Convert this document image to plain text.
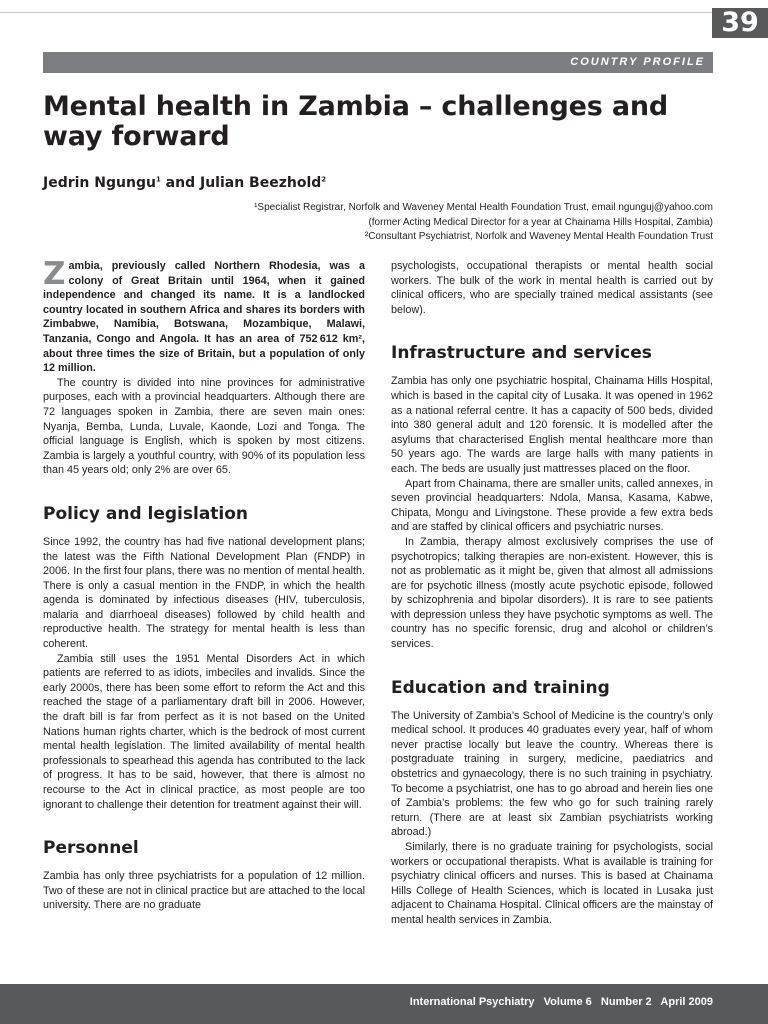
39
COUNTRY PROFILE
Mental health in Zambia – challenges and way forward
Jedrin Ngungu$^1$ and Julian Beezhold$^2$
¹Specialist Registrar, Norfolk and Waveney Mental Health Foundation Trust, email ngunguj@yahoo.com
(former Acting Medical Director for a year at Chainama Hills Hospital, Zambia)
²Consultant Psychiatrist, Norfolk and Waveney Mental Health Foundation Trust

Zambia, previously called Northern Rhodesia, was a colony of Great Britain until 1964, when it gained independence and changed its name. It is a landlocked country located in southern Africa and shares its borders with Zimbabwe, Namibia, Botswana, Mozambique, Malawi, Tanzania, Congo and Angola. It has an area of 752 612 km², about three times the size of Britain, but a population of only 12 million.

The country is divided into nine provinces for administrative purposes, each with a provincial headquarters. Although there are 72 languages spoken in Zambia, there are seven main ones: Nyanja, Bemba, Lunda, Luvale, Kaonde, Lozi and Tonga. The official language is English, which is spoken by most citizens. Zambia is largely a youthful country, with 90% of its population less than 45 years old; only 2% are over 65.

Policy and legislation

Since 1992, the country has had five national development plans; the latest was the Fifth National Development Plan (FNDP) in 2006. In the first four plans, there was no mention of mental health. There is only a casual mention in the FNDP, in which the health agenda is dominated by infectious diseases (HIV, tuberculosis, malaria and diarrhoeal diseases) followed by child health and reproductive health. The strategy for mental health is less than coherent.

Zambia still uses the 1951 Mental Disorders Act in which patients are referred to as idiots, imbeciles and invalids. Since the early 2000s, there has been some effort to reform the Act and this reached the stage of a parliamentary draft bill in 2006. However, the draft bill is far from perfect as it is not based on the United Nations human rights charter, which is the bedrock of most current mental health legislation. The limited availability of mental health professionals to spearhead this agenda has contributed to the lack of progress. It has to be said, however, that there is almost no recourse to the Act in clinical practice, as most people are too ignorant to challenge their detention for treatment against their will.

Personnel

Zambia has only three psychiatrists for a population of 12 million. Two of these are not in clinical practice but are attached to the local university. There are no graduate

psychologists, occupational therapists or mental health social workers. The bulk of the work in mental health is carried out by clinical officers, who are specially trained medical assistants (see below).

Infrastructure and services

Zambia has only one psychiatric hospital, Chainama Hills Hospital, which is based in the capital city of Lusaka. It was opened in 1962 as a national referral centre. It has a capacity of 500 beds, divided into 380 general adult and 120 forensic. It is modelled after the asylums that characterised English mental healthcare more than 50 years ago. The wards are large halls with many patients in each. The beds are usually just mattresses placed on the floor.

Apart from Chainama, there are smaller units, called annexes, in seven provincial headquarters: Ndola, Mansa, Kasama, Kabwe, Chipata, Mongu and Livingstone. These provide a few extra beds and are staffed by clinical officers and psychiatric nurses.

In Zambia, therapy almost exclusively comprises the use of psychotropics; talking therapies are non-existent. However, this is not as problematic as it might be, given that almost all admissions are for psychotic illness (mostly acute psychotic episode, followed by schizophrenia and bipolar disorders). It is rare to see patients with depression unless they have psychotic symptoms as well. The country has no specific forensic, drug and alcohol or children’s services.

Education and training

The University of Zambia’s School of Medicine is the country’s only medical school. It produces 40 graduates every year, half of whom never practise locally but leave the country. Whereas there is postgraduate training in surgery, medicine, paediatrics and obstetrics and gynaecology, there is no such training in psychiatry. To become a psychiatrist, one has to go abroad and herein lies one of Zambia’s problems: the few who go for such training rarely return. (There are at least six Zambian psychiatrists working abroad.)

Similarly, there is no graduate training for psychologists, social workers or occupational therapists. What is available is training for psychiatry clinical officers and nurses. This is based at Chainama Hills College of Health Sciences, which is located in Lusaka just adjacent to Chainama Hospital. Clinical officers are the mainstay of mental health services in Zambia.

International Psychiatry   Volume 6   Number 2   April 2009
